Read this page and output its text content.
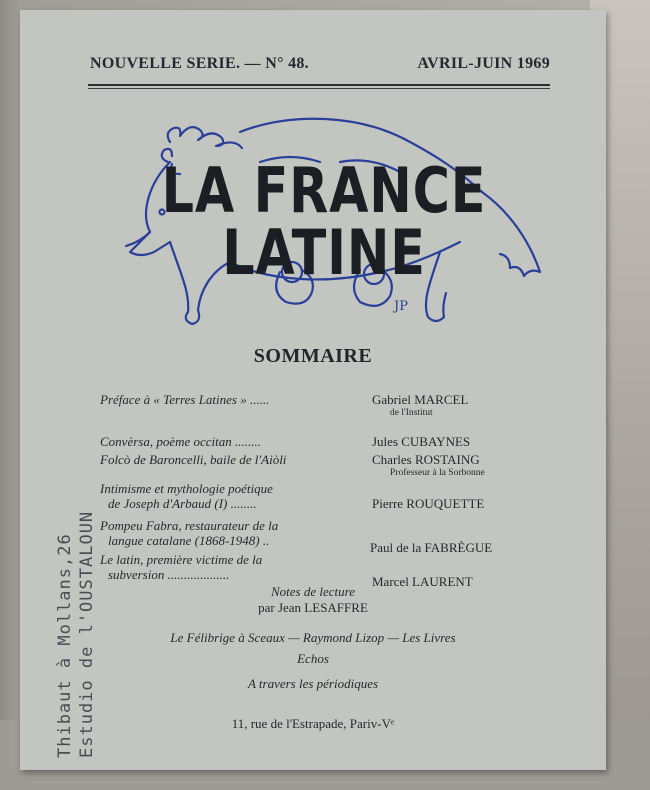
NOUVELLE SERIE. — N° 48.	AVRIL-JUIN 1969
JP
LA FRANCE LATINE
SOMMAIRE
Préface à « Terres Latines » ......	Gabriel MARCEL
de l'Institut
Convèrsa, poème occitan ........	Jules CUBAYNES
Folcò de Baroncelli, baile de l'Aiòli	Charles ROSTAING
Professeur à la Sorbonne
Intimisme et mythologie poétique
de Joseph d'Arbaud (I) ........	Pierre ROUQUETTE
Pompeu Fabra, restaurateur de la
langue catalane (1868-1948) ..	Paul de la FABRÈGUE
Le latin, première victime de la
subversion ...................	Marcel LAURENT
Notes de lecture
par Jean LESAFFRE
Le Félibrige à Sceaux — Raymond Lizop — Les Livres
Echos
A travers les périodiques
11, rue de l'Estrapade, Pariv-Vᵉ
Thibaut à Mollans,26 Estudio de l'OUSTALOUN
